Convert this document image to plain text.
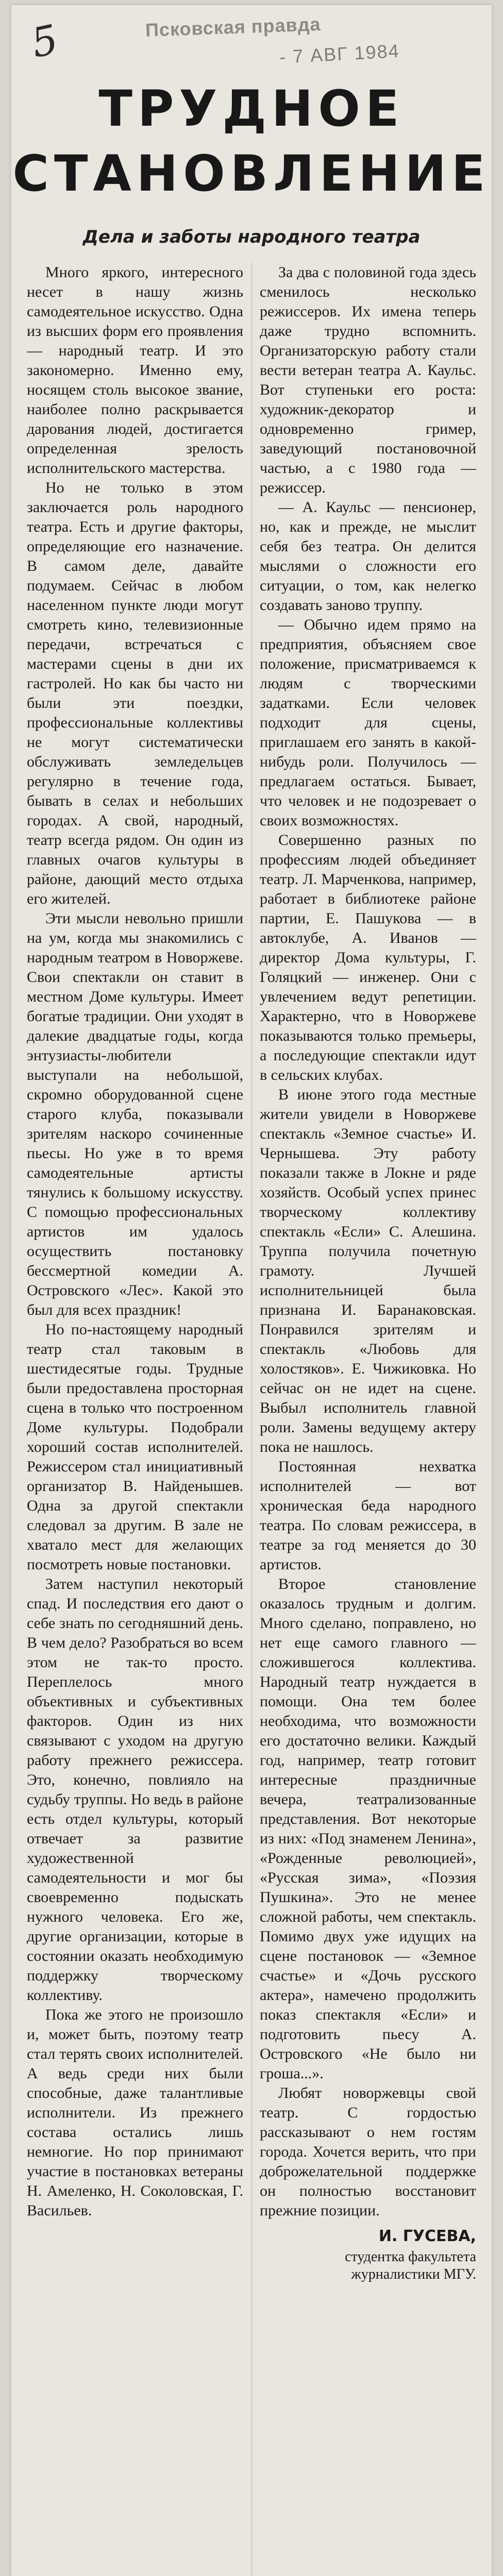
5	Псковская правда
- 7 АВГ 1984
ТРУДНОЕ
СТАНОВЛЕНИЕ
Дела и заботы народного театра

Много яркого, интересного несет в нашу жизнь самодеятельное искусство. Одна из высших форм его проявления — народный театр. И это закономерно. Именно ему, носящем столь высокое звание, наиболее полно раскрывается дарования людей, достигается определенная зрелость исполнительского мастерства.

Но не только в этом заключается роль народного театра. Есть и другие факторы, определяющие его назначение. В самом деле, давайте подумаем. Сейчас в любом населенном пункте люди могут смотреть кино, телевизионные передачи, встречаться с мастерами сцены в дни их гастролей. Но как бы часто ни были эти поездки, профессиональные коллективы не могут систематически обслуживать земледельцев регулярно в течение года, бывать в селах и небольших городах. А свой, народный, театр всегда рядом. Он один из главных очагов культуры в районе, дающий место отдыха его жителей.

Эти мысли невольно пришли на ум, когда мы знакомились с народным театром в Новоржеве. Свои спектакли он ставит в местном Доме культуры. Имеет богатые традиции. Они уходят в далекие двадцатые годы, когда энтузиасты-любители выступали на небольшой, скромно оборудованной сцене старого клуба, показывали зрителям наскоро сочиненные пьесы. Но уже в то время самодеятельные артисты тянулись к большому искусству. С помощью профессиональных артистов им удалось осуществить постановку бессмертной комедии А. Островского «Лес». Какой это был для всех праздник!

Но по-настоящему народный театр стал таковым в шестидесятые годы. Трудные были предоставлена просторная сцена в только что построенном Доме культуры. Подобрали хороший состав исполнителей. Режиссером стал инициативный организатор В. Найденышев. Одна за другой спектакли следовал за другим. В зале не хватало мест для желающих посмотреть новые постановки.

Затем наступил некоторый спад. И последствия его дают о себе знать по сегодняшний день. В чем дело? Разобраться во всем этом не так-то просто. Переплелось много объективных и субъективных факторов. Один из них связывают с уходом на другую работу прежнего режиссера. Это, конечно, повлияло на судьбу труппы. Но ведь в районе есть отдел культуры, который отвечает за развитие художественной самодеятельности и мог бы своевременно подыскать нужного человека. Его же, другие организации, которые в состоянии оказать необходимую поддержку творческому коллективу.

Пока же этого не произошло и, может быть, поэтому театр стал терять своих исполнителей. А ведь среди них были способные, даже талантливые исполнители. Из прежнего состава остались лишь немногие. Но пор принимают участие в постановках ветераны Н. Амеленко, Н. Соколовская, Г. Васильев.

За два с половиной года здесь сменилось несколько режиссеров. Их имена теперь даже трудно вспомнить. Организаторскую работу стали вести ветеран театра А. Каульс. Вот ступеньки его роста: художник-декоратор и одновременно гример, заведующий постановочной частью, а с 1980 года — режиссер.

— А. Каульс — пенсионер, но, как и прежде, не мыслит себя без театра. Он делится мыслями о сложности его ситуации, о том, как нелегко создавать заново труппу.

— Обычно идем прямо на предприятия, объясняем свое положение, присматриваемся к людям с творческими задатками. Если человек подходит для сцены, приглашаем его занять в какой-нибудь роли. Получилось — предлагаем остаться. Бывает, что человек и не подозревает о своих возможностях.

Совершенно разных по профессиям людей объединяет театр. Л. Марченкова, например, работает в библиотеке районе партии, Е. Пашукова — в автоклубе, А. Иванов — директор Дома культуры, Г. Голяцкий — инженер. Они с увлечением ведут репетиции. Характерно, что в Новоржеве показываются только премьеры, а последующие спектакли идут в сельских клубах.

В июне этого года местные жители увидели в Новоржеве спектакль «Земное счастье» И. Чернышева. Эту работу показали также в Локне и ряде хозяйств. Особый успех принес творческому коллективу спектакль «Если» С. Алешина. Труппа получила почетную грамоту. Лучшей исполнительницей была признана И. Баранаковская. Понравился зрителям и спектакль «Любовь для холостяков». Е. Чижиковка. Но сейчас он не идет на сцене. Выбыл исполнитель главной роли. Замены ведущему актеру пока не нашлось.

Постоянная нехватка исполнителей — вот хроническая беда народного театра. По словам режиссера, в театре за год меняется до 30 артистов.

Второе становление оказалось трудным и долгим. Много сделано, поправлено, но нет еще самого главного — сложившегося коллектива. Народный театр нуждается в помощи. Она тем более необходима, что возможности его достаточно велики. Каждый год, например, театр готовит интересные праздничные вечера, театрализованные представления. Вот некоторые из них: «Под знаменем Ленина», «Рожденные революцией», «Русская зима», «Поэзия Пушкина». Это не менее сложной работы, чем спектакль. Помимо двух уже идущих на сцене постановок — «Земное счастье» и «Дочь русского актера», намечено продолжить показ спектакля «Если» и подготовить пьесу А. Островского «Не было ни гроша...».

Любят новоржевцы свой театр. С гордостью рассказывают о нем гостям города. Хочется верить, что при доброжелательной поддержке он полностью восстановит прежние позиции.

И. ГУСЕВА,
студентка факультета журналистики МГУ.
